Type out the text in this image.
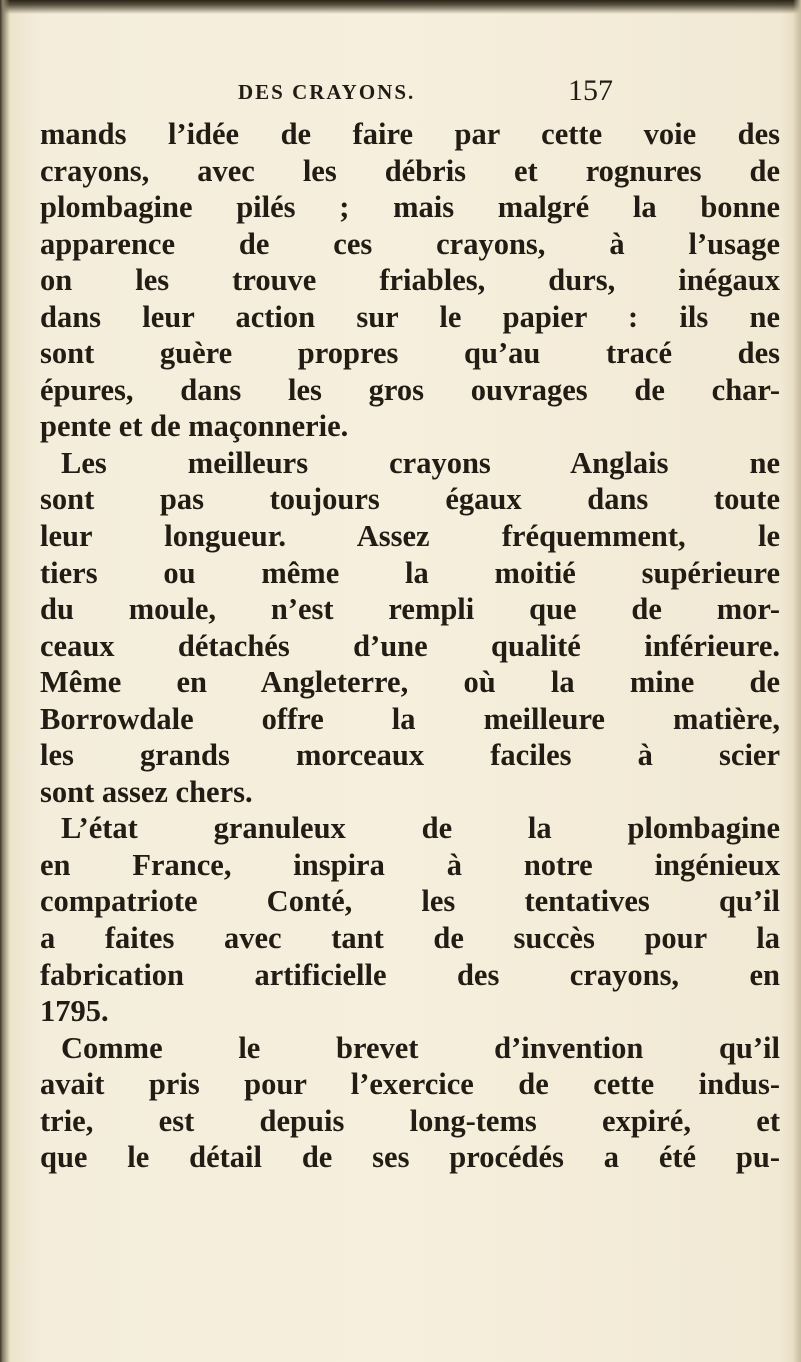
DES CRAYONS.	157
mands l’idée de faire par cette voie des
crayons, avec les débris et rognures de
plombagine pilés ; mais malgré la bonne
apparence de ces crayons, à l’usage
on les trouve friables, durs, inégaux
dans leur action sur le papier : ils ne
sont guère propres qu’au tracé des
épures, dans les gros ouvrages de char-
pente et de maçonnerie.
Les meilleurs crayons Anglais ne
sont pas toujours égaux dans toute
leur longueur. Assez fréquemment, le
tiers ou même la moitié supérieure
du moule, n’est rempli que de mor-
ceaux détachés d’une qualité inférieure.
Même en Angleterre, où la mine de
Borrowdale offre la meilleure matière,
les grands morceaux faciles à scier
sont assez chers.
L’état granuleux de la plombagine
en France, inspira à notre ingénieux
compatriote Conté, les tentatives qu’il
a faites avec tant de succès pour la
fabrication artificielle des crayons, en
1795.
Comme le brevet d’invention qu’il
avait pris pour l’exercice de cette indus-
trie, est depuis long-tems expiré, et
que le détail de ses procédés a été pu-
